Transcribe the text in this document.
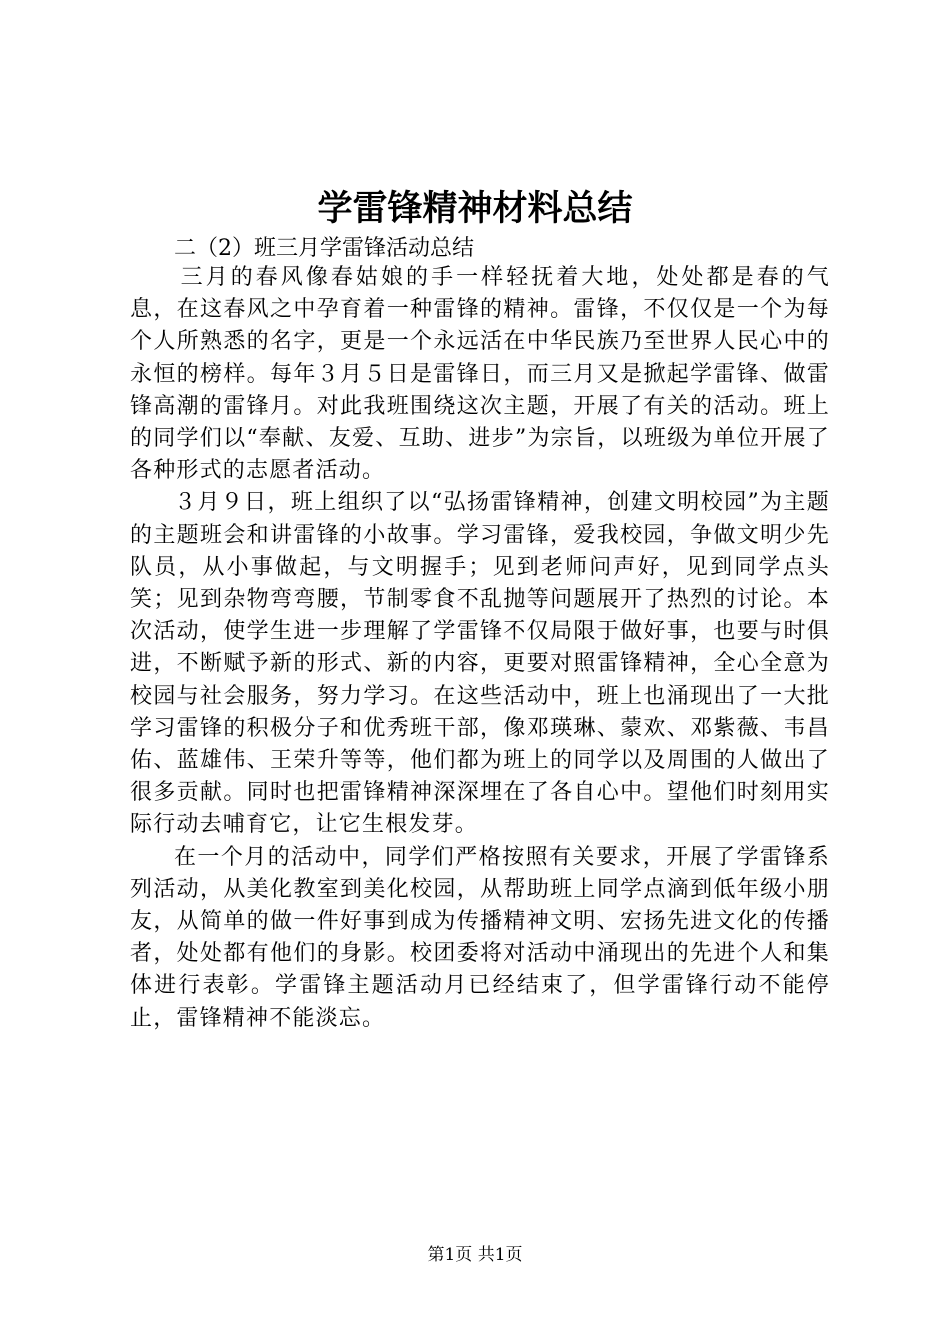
学雷锋精神材料总结
二（2）班三月学雷锋活动总结

三月的春风像春姑娘的手一样轻抚着大地，处处都是春的气息，在这春风之中孕育着一种雷锋的精神。雷锋，不仅仅是一个为每个人所熟悉的名字，更是一个永远活在中华民族乃至世界人民心中的永恒的榜样。每年３月５日是雷锋日，而三月又是掀起学雷锋、做雷锋高潮的雷锋月。对此我班围绕这次主题，开展了有关的活动。班上的同学们以“奉献、友爱、互助、进步”为宗旨，以班级为单位开展了各种形式的志愿者活动。

３月９日，班上组织了以“弘扬雷锋精神，创建文明校园”为主题的主题班会和讲雷锋的小故事。学习雷锋，爱我校园，争做文明少先队员，从小事做起，与文明握手；见到老师问声好，见到同学点头笑；见到杂物弯弯腰，节制零食不乱抛等问题展开了热烈的讨论。本次活动，使学生进一步理解了学雷锋不仅局限于做好事，也要与时俱进，不断赋予新的形式、新的内容，更要对照雷锋精神，全心全意为校园与社会服务，努力学习。在这些活动中，班上也涌现出了一大批学习雷锋的积极分子和优秀班干部，像邓瑛琳、蒙欢、邓紫薇、韦昌佑、蓝雄伟、王荣升等等，他们都为班上的同学以及周围的人做出了很多贡献。同时也把雷锋精神深深埋在了各自心中。望他们时刻用实际行动去哺育它，让它生根发芽。

在一个月的活动中，同学们严格按照有关要求，开展了学雷锋系列活动，从美化教室到美化校园，从帮助班上同学点滴到低年级小朋友，从简单的做一件好事到成为传播精神文明、宏扬先进文化的传播者，处处都有他们的身影。校团委将对活动中涌现出的先进个人和集体进行表彰。学雷锋主题活动月已经结束了，但学雷锋行动不能停止，雷锋精神不能淡忘。

第1页 共1页
